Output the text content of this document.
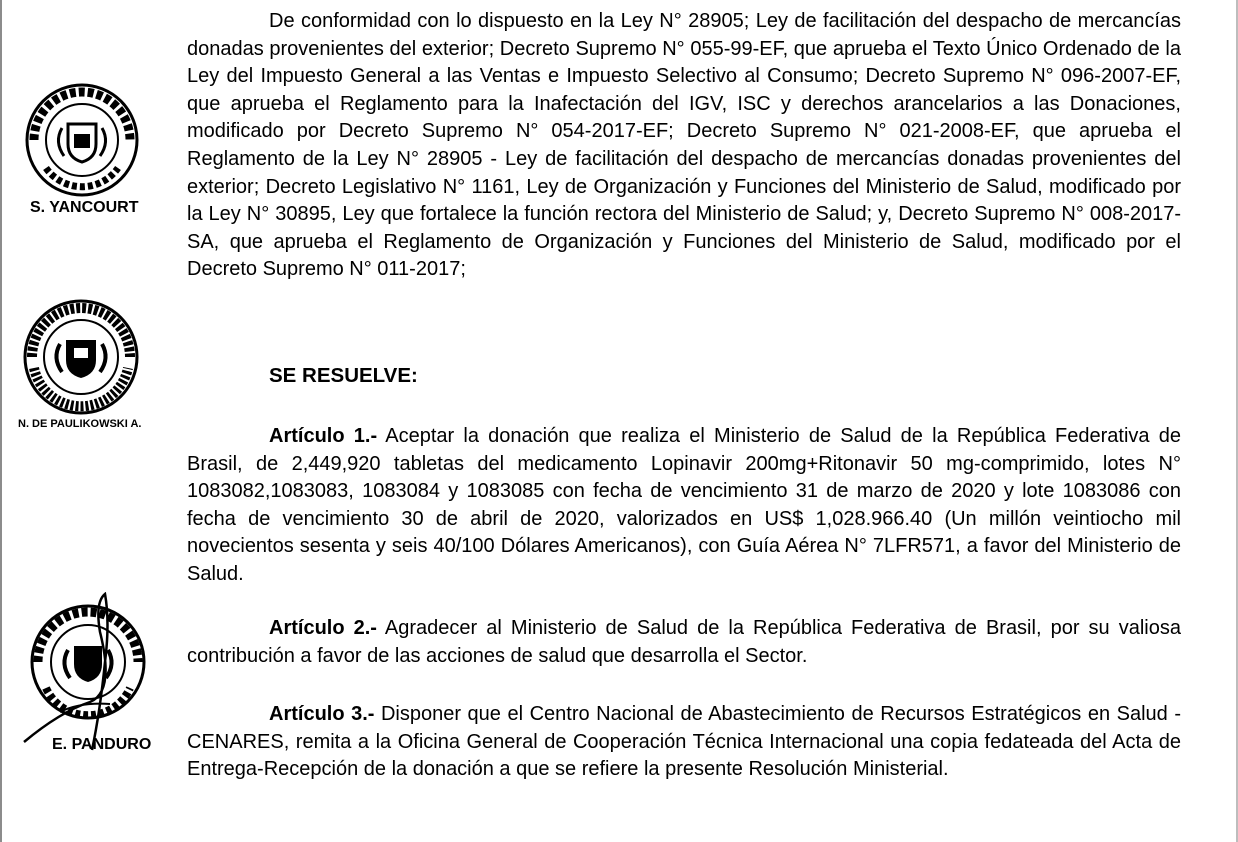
S. YANCOURT
N. DE PAULIKOWSKI A.
E. PANDURO

De conformidad con lo dispuesto en la Ley N° 28905; Ley de facilitación del despacho de mercancías donadas provenientes del exterior; Decreto Supremo N° 055-99-EF, que aprueba el Texto Único Ordenado de la Ley del Impuesto General a las Ventas e Impuesto Selectivo al Consumo; Decreto Supremo N° 096-2007-EF, que aprueba el Reglamento para la Inafectación del IGV, ISC y derechos arancelarios a las Donaciones, modificado por Decreto Supremo N° 054-2017-EF; Decreto Supremo N° 021-2008-EF, que aprueba el Reglamento de la Ley N° 28905 - Ley de facilitación del despacho de mercancías donadas provenientes del exterior; Decreto Legislativo N° 1161, Ley de Organización y Funciones del Ministerio de Salud, modificado por la Ley N° 30895, Ley que fortalece la función rectora del Ministerio de Salud; y, Decreto Supremo N° 008-2017-SA, que aprueba el Reglamento de Organización y Funciones del Ministerio de Salud, modificado por el Decreto Supremo N° 011-2017;

SE RESUELVE:

Artículo 1.- Aceptar la donación que realiza el Ministerio de Salud de la República Federativa de Brasil, de 2,449,920 tabletas del medicamento Lopinavir 200mg+Ritonavir 50 mg-comprimido, lotes N° 1083082,1083083, 1083084 y 1083085 con fecha de vencimiento 31 de marzo de 2020 y lote 1083086 con fecha de vencimiento 30 de abril de 2020, valorizados en US$ 1,028.966.40 (Un millón veintiocho mil novecientos sesenta y seis 40/100 Dólares Americanos), con Guía Aérea N° 7LFR571, a favor del Ministerio de Salud.

Artículo 2.- Agradecer al Ministerio de Salud de la República Federativa de Brasil, por su valiosa contribución a favor de las acciones de salud que desarrolla el Sector.

Artículo 3.- Disponer que el Centro Nacional de Abastecimiento de Recursos Estratégicos en Salud - CENARES, remita a la Oficina General de Cooperación Técnica Internacional una copia fedateada del Acta de Entrega-Recepción de la donación a que se refiere la presente Resolución Ministerial.
